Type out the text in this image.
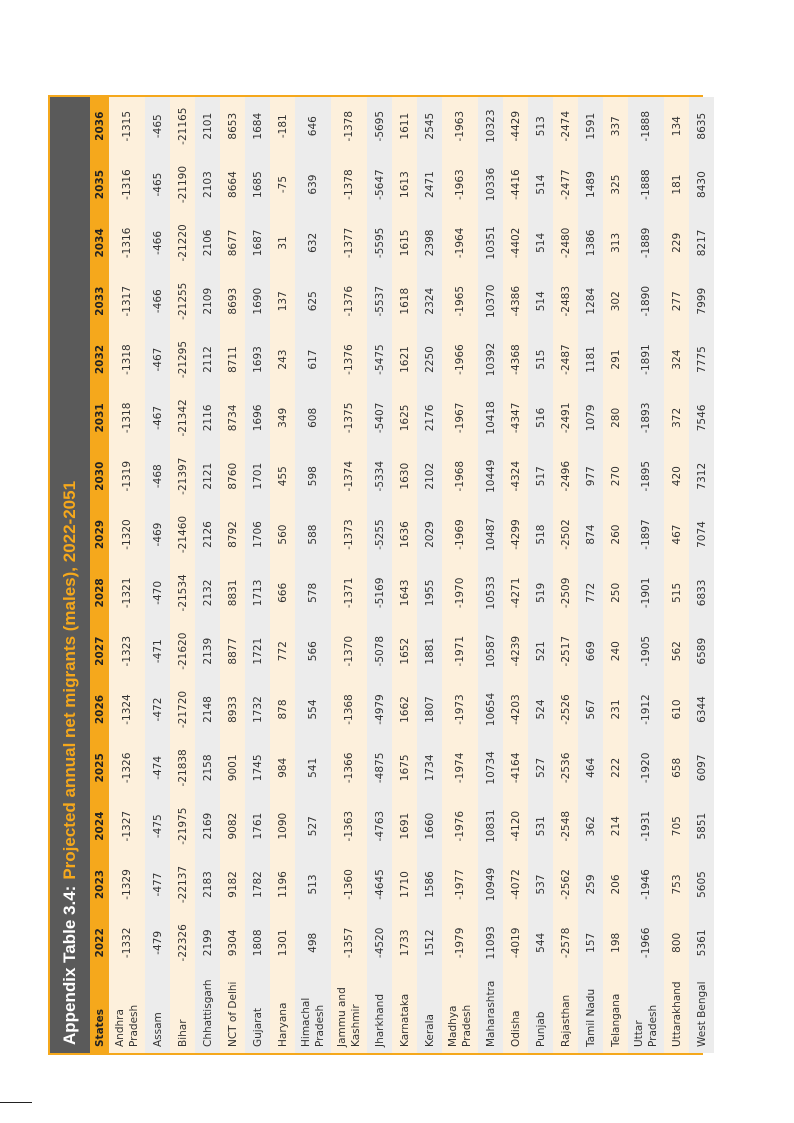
Appendix Table 3.4:
Projected annual net migrants (males), 2022-2051
States	2022	2023	2024	2025	2026	2027	2028	2029	2030	2031	2032	2033	2034	2035	2036
Andhra Pradesh	-1332	-1329	-1327	-1326	-1324	-1323	-1321	-1320	-1319	-1318	-1318	-1317	-1316	-1316	-1315
Assam	-479	-477	-475	-474	-472	-471	-470	-469	-468	-467	-467	-466	-466	-465	-465
Bihar	-22326	-22137	-21975	-21838	-21720	-21620	-21534	-21460	-21397	-21342	-21295	-21255	-21220	-21190	-21165
Chhattisgarh	2199	2183	2169	2158	2148	2139	2132	2126	2121	2116	2112	2109	2106	2103	2101
NCT of Delhi	9304	9182	9082	9001	8933	8877	8831	8792	8760	8734	8711	8693	8677	8664	8653
Gujarat	1808	1782	1761	1745	1732	1721	1713	1706	1701	1696	1693	1690	1687	1685	1684
Haryana	1301	1196	1090	984	878	772	666	560	455	349	243	137	31	-75	-181
Himachal Pradesh	498	513	527	541	554	566	578	588	598	608	617	625	632	639	646
Jammu and Kashmir	-1357	-1360	-1363	-1366	-1368	-1370	-1371	-1373	-1374	-1375	-1376	-1376	-1377	-1378	-1378
Jharkhand	-4520	-4645	-4763	-4875	-4979	-5078	-5169	-5255	-5334	-5407	-5475	-5537	-5595	-5647	-5695
Karnataka	1733	1710	1691	1675	1662	1652	1643	1636	1630	1625	1621	1618	1615	1613	1611
Kerala	1512	1586	1660	1734	1807	1881	1955	2029	2102	2176	2250	2324	2398	2471	2545
Madhya Pradesh	-1979	-1977	-1976	-1974	-1973	-1971	-1970	-1969	-1968	-1967	-1966	-1965	-1964	-1963	-1963
Maharashtra	11093	10949	10831	10734	10654	10587	10533	10487	10449	10418	10392	10370	10351	10336	10323
Odisha	-4019	-4072	-4120	-4164	-4203	-4239	-4271	-4299	-4324	-4347	-4368	-4386	-4402	-4416	-4429
Punjab	544	537	531	527	524	521	519	518	517	516	515	514	514	514	513
Rajasthan	-2578	-2562	-2548	-2536	-2526	-2517	-2509	-2502	-2496	-2491	-2487	-2483	-2480	-2477	-2474
Tamil Nadu	157	259	362	464	567	669	772	874	977	1079	1181	1284	1386	1489	1591
Telangana	198	206	214	222	231	240	250	260	270	280	291	302	313	325	337
Uttar Pradesh	-1966	-1946	-1931	-1920	-1912	-1905	-1901	-1897	-1895	-1893	-1891	-1890	-1889	-1888	-1888
Uttarakhand	800	753	705	658	610	562	515	467	420	372	324	277	229	181	134
West Bengal	5361	5605	5851	6097	6344	6589	6833	7074	7312	7546	7775	7999	8217	8430	8635
